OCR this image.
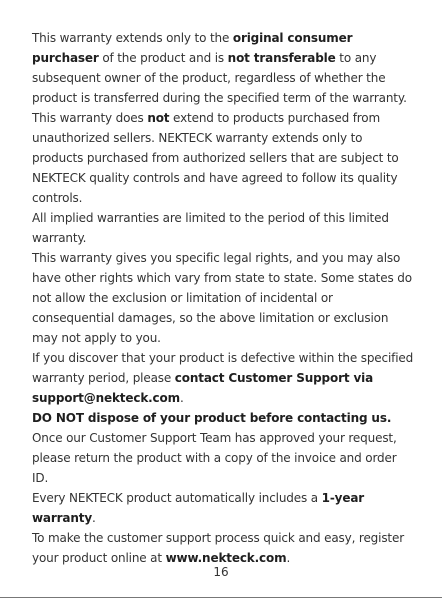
This warranty extends only to the original consumer purchaser of the product and is not transferable to any subsequent owner of the product, regardless of whether the product is transferred during the specified term of the warranty.

This warranty does not extend to products purchased from unauthorized sellers. NEKTECK warranty extends only to products purchased from authorized sellers that are subject to NEKTECK quality controls and have agreed to follow its quality controls.

All implied warranties are limited to the period of this limited warranty.

This warranty gives you specific legal rights, and you may also have other rights which vary from state to state. Some states do not allow the exclusion or limitation of incidental or consequential damages, so the above limitation or exclusion may not apply to you.

If you discover that your product is defective within the specified warranty period, please contact Customer Support via support@nekteck.com.

DO NOT dispose of your product before contacting us.

Once our Customer Support Team has approved your request, please return the product with a copy of the invoice and order ID.

Every NEKTECK product automatically includes a 1-year warranty.

To make the customer support process quick and easy, register your product online at www.nekteck.com.

16
